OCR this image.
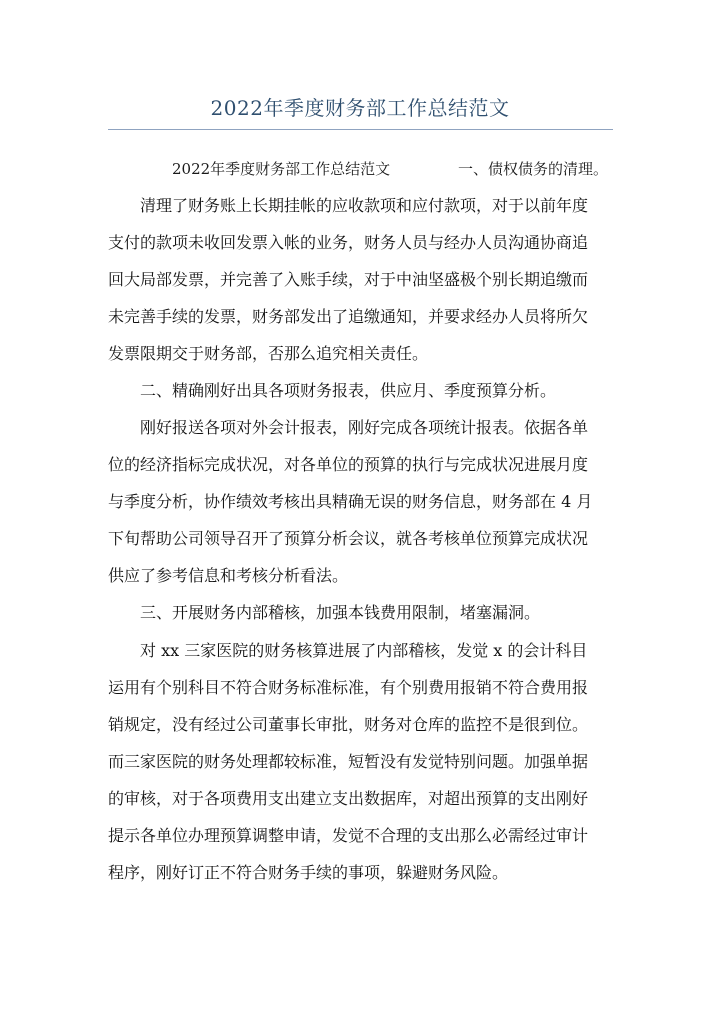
2022年季度财务部工作总结范文
2022年季度财务部工作总结范文	一、债权债务的清理。
清理了财务账上长期挂帐的应收款项和应付款项，对于以前年度
支付的款项未收回发票入帐的业务，财务人员与经办人员沟通协商追
回大局部发票，并完善了入账手续，对于中油坚盛极个别长期追缴而
未完善手续的发票，财务部发出了追缴通知，并要求经办人员将所欠
发票限期交于财务部，否那么追究相关责任。
二、精确刚好出具各项财务报表，供应月、季度预算分析。
刚好报送各项对外会计报表，刚好完成各项统计报表。依据各单
位的经济指标完成状况，对各单位的预算的执行与完成状况进展月度
与季度分析，协作绩效考核出具精确无误的财务信息，财务部在 4 月
下旬帮助公司领导召开了预算分析会议，就各考核单位预算完成状况
供应了参考信息和考核分析看法。
三、开展财务内部稽核，加强本钱费用限制，堵塞漏洞。
对 xx 三家医院的财务核算进展了内部稽核，发觉 x 的会计科目
运用有个别科目不符合财务标准标准，有个别费用报销不符合费用报
销规定，没有经过公司董事长审批，财务对仓库的监控不是很到位。
而三家医院的财务处理都较标准，短暂没有发觉特别问题。加强单据
的审核，对于各项费用支出建立支出数据库，对超出预算的支出刚好
提示各单位办理预算调整申请，发觉不合理的支出那么必需经过审计
程序，刚好订正不符合财务手续的事项，躲避财务风险。
